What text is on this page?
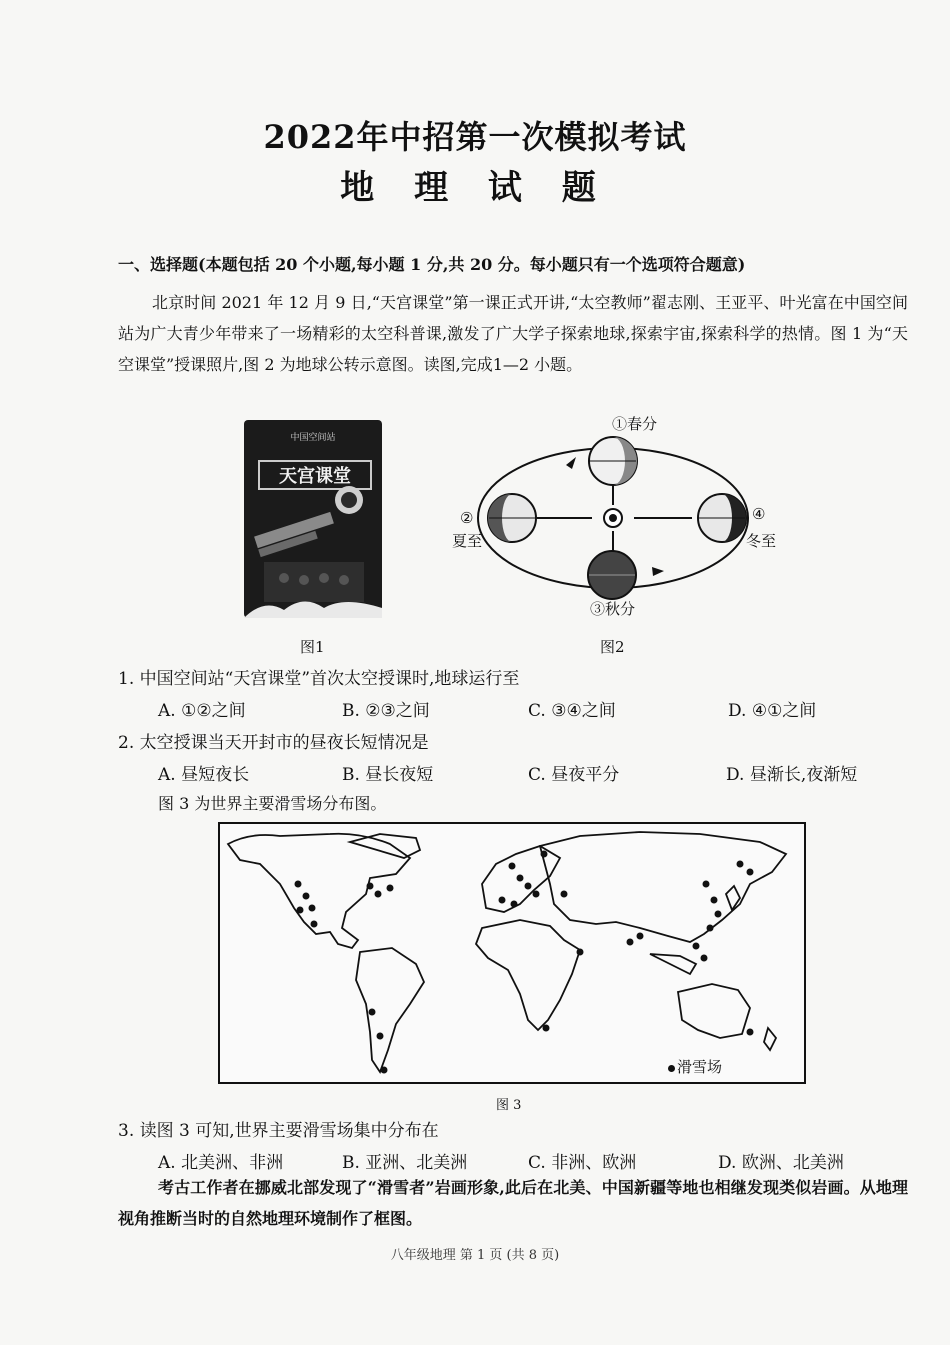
2022年中招第一次模拟考试
地 理 试 题
一、选择题(本题包括 20 个小题,每小题 1 分,共 20 分。每小题只有一个选项符合题意)
北京时间 2021 年 12 月 9 日,“天宫课堂”第一课正式开讲,“太空教师”翟志刚、王亚平、叶光富在中国空间站为广大青少年带来了一场精彩的太空科普课,激发了广大学子探索地球,探索宇宙,探索科学的热情。图 1 为“天空课堂”授课照片,图 2 为地球公转示意图。读图,完成1—2 小题。
中国空间站
天宫课堂
图1
①春分
②
夏至
③秋分
④
冬至
图2
1. 中国空间站“天宫课堂”首次太空授课时,地球运行至
A. ①②之间	B. ②③之间	C. ③④之间	D. ④①之间
2. 太空授课当天开封市的昼夜长短情况是
A. 昼短夜长	B. 昼长夜短	C. 昼夜平分	D. 昼渐长,夜渐短
图 3 为世界主要滑雪场分布图。
滑雪场
图 3
3. 读图 3 可知,世界主要滑雪场集中分布在
A. 北美洲、非洲	B. 亚洲、北美洲	C. 非洲、欧洲	D. 欧洲、北美洲
考古工作者在挪威北部发现了“滑雪者”岩画形象,此后在北美、中国新疆等地也相继发现类似岩画。从地理视角推断当时的自然地理环境制作了框图。
八年级地理 第 1 页 (共 8 页)
